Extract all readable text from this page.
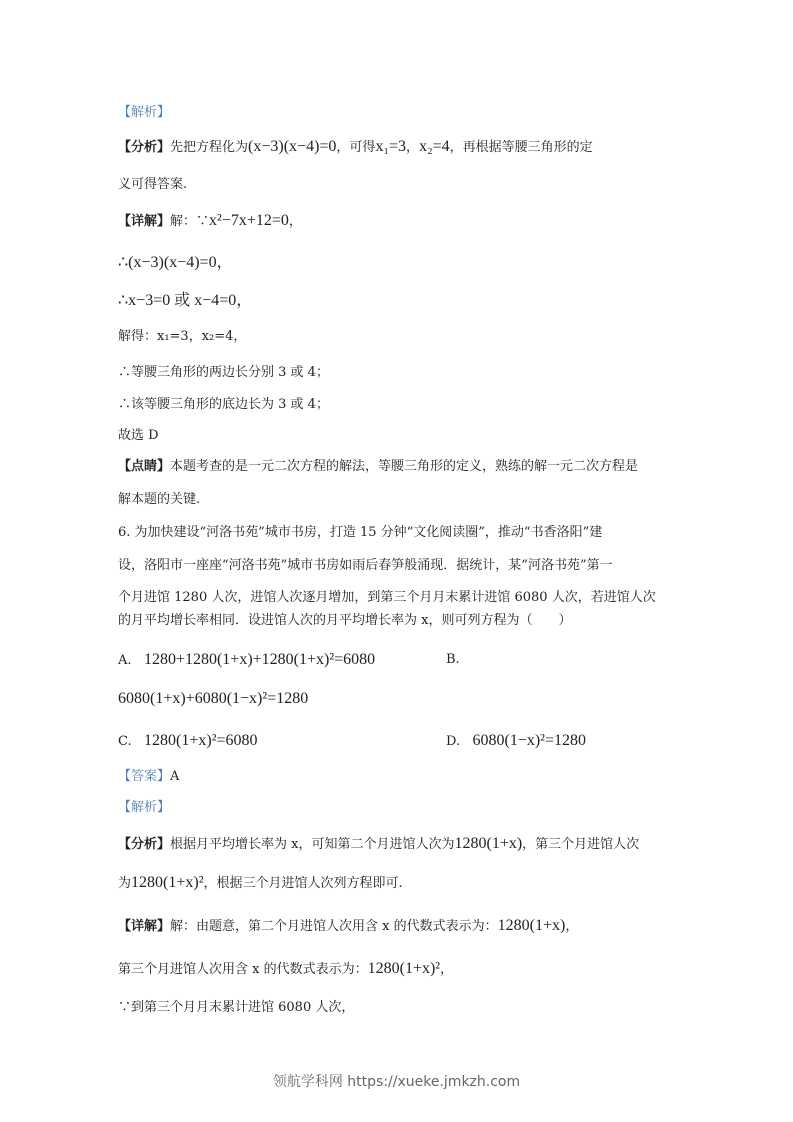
【解析】
【分析】先把方程化为(x−3)(x−4)=0，可得x₁=3，x₂=4，再根据等腰三角形的定
义可得答案.
【详解】解：∵x²−7x+12=0，
∴(x−3)(x−4)=0，
∴x−3=0 或 x−4=0，
解得：x₁=3，x₂=4，
∴等腰三角形的两边长分别 3 或 4；
∴该等腰三角形的底边长为 3 或 4；
故选 D
【点睛】本题考查的是一元二次方程的解法，等腰三角形的定义，熟练的解一元二次方程是
解本题的关键.
6. 为加快建设“河洛书苑”城市书房，打造 15 分钟“文化阅读圈”，推动“书香洛阳”建
设，洛阳市一座座“河洛书苑”城市书房如雨后春笋般涌现．据统计，某“河洛书苑”第一
个月进馆 1280 人次，进馆人次逐月增加，到第三个月月末累计进馆 6080 人次，若进馆人次
的月平均增长率相同．设进馆人次的月平均增长率为 x，则可列方程为（　　）
A. 1280+1280(1+x)+1280(1+x)²=6080	B.
6080(1+x)+6080(1−x)²=1280
C. 1280(1+x)²=6080	D. 6080(1−x)²=1280
【答案】A
【解析】
【分析】根据月平均增长率为 x，可知第二个月进馆人次为1280(1+x)，第三个月进馆人次
为1280(1+x)²，根据三个月进馆人次列方程即可.
【详解】解：由题意，第二个月进馆人次用含 x 的代数式表示为：1280(1+x)，
第三个月进馆人次用含 x 的代数式表示为：1280(1+x)²，
∵到第三个月月末累计进馆 6080 人次，
领航学科网 https://xueke.jmkzh.com
